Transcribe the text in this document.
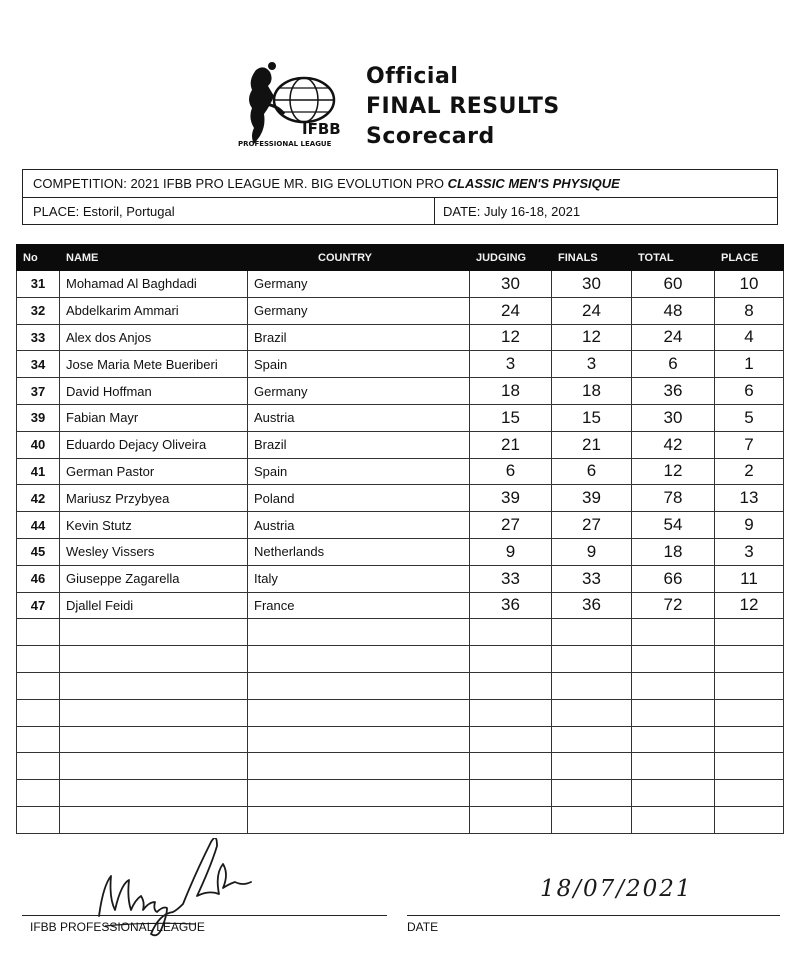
IFBB
PROFESSIONAL LEAGUE
Official
FINAL RESULTS
Scorecard
COMPETITION: 2021 IFBB PRO LEAGUE MR. BIG EVOLUTION PRO CLASSIC MEN'S PHYSIQUE
PLACE: Estoril, Portugal	DATE: July 16-18, 2021
No	NAME	COUNTRY	JUDGING	FINALS	TOTAL	PLACE
31	Mohamad Al Baghdadi	Germany	30	30	60	10
32	Abdelkarim Ammari	Germany	24	24	48	8
33	Alex dos Anjos	Brazil	12	12	24	4
34	Jose Maria Mete Bueriberi	Spain	3	3	6	1
37	David Hoffman	Germany	18	18	36	6
39	Fabian Mayr	Austria	15	15	30	5
40	Eduardo Dejacy Oliveira	Brazil	21	21	42	7
41	German Pastor	Spain	6	6	12	2
42	Mariusz Przybyea	Poland	39	39	78	13
44	Kevin Stutz	Austria	27	27	54	9
45	Wesley Vissers	Netherlands	9	9	18	3
46	Giuseppe Zagarella	Italy	33	33	66	11
47	Djallel Feidi	France	36	36	72	12

IFBB PROFESSIONAL LEAGUE
18/07/2021
DATE
